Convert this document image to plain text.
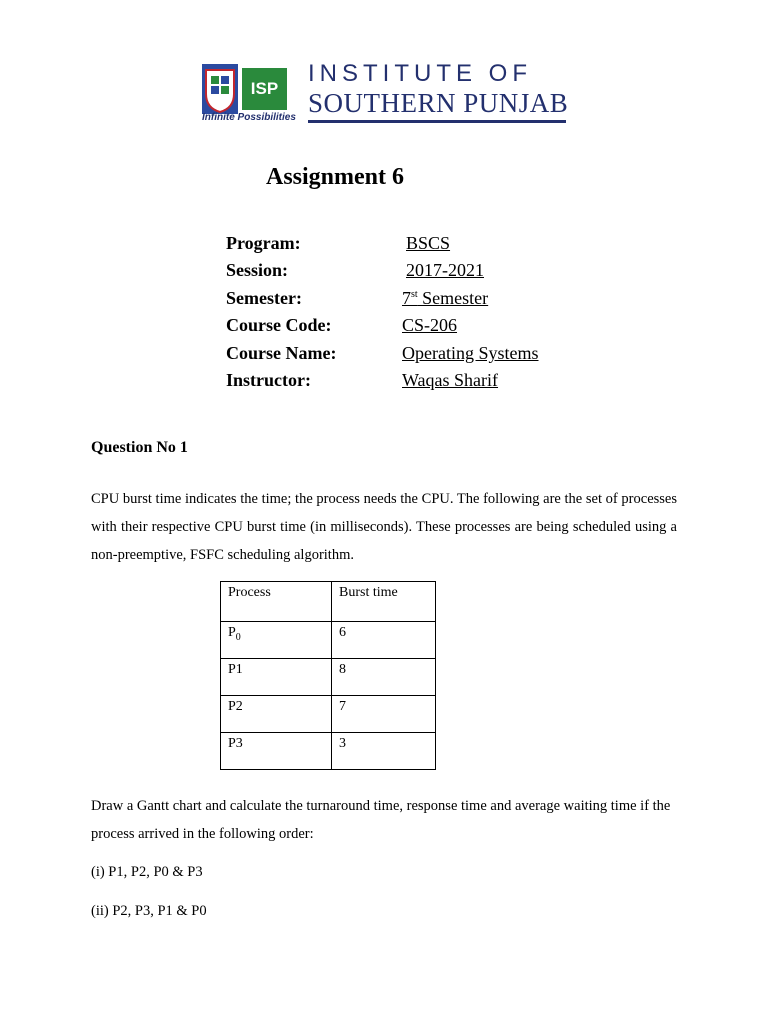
ISP
Infinite Possibilities
INSTITUTE OF
SOUTHERN PUNJAB
Assignment 6
Program:	BSCS
Session:	2017-2021
Semester:	7st Semester
Course Code:	CS-206
Course Name:	Operating Systems
Instructor:	Waqas Sharif
Question No 1
CPU burst time indicates the time; the process needs the CPU. The following are the set of processes with their respective CPU burst time (in milliseconds). These processes are being scheduled using a non-preemptive, FSFC scheduling algorithm.
Process	Burst time
$P_0$	6
P1	8
P2	7
P3	3
Draw a Gantt chart and calculate the turnaround time, response time and average waiting time if the process arrived in the following order:
(i) P1, P2, P0 & P3
(ii) P2, P3, P1 & P0
